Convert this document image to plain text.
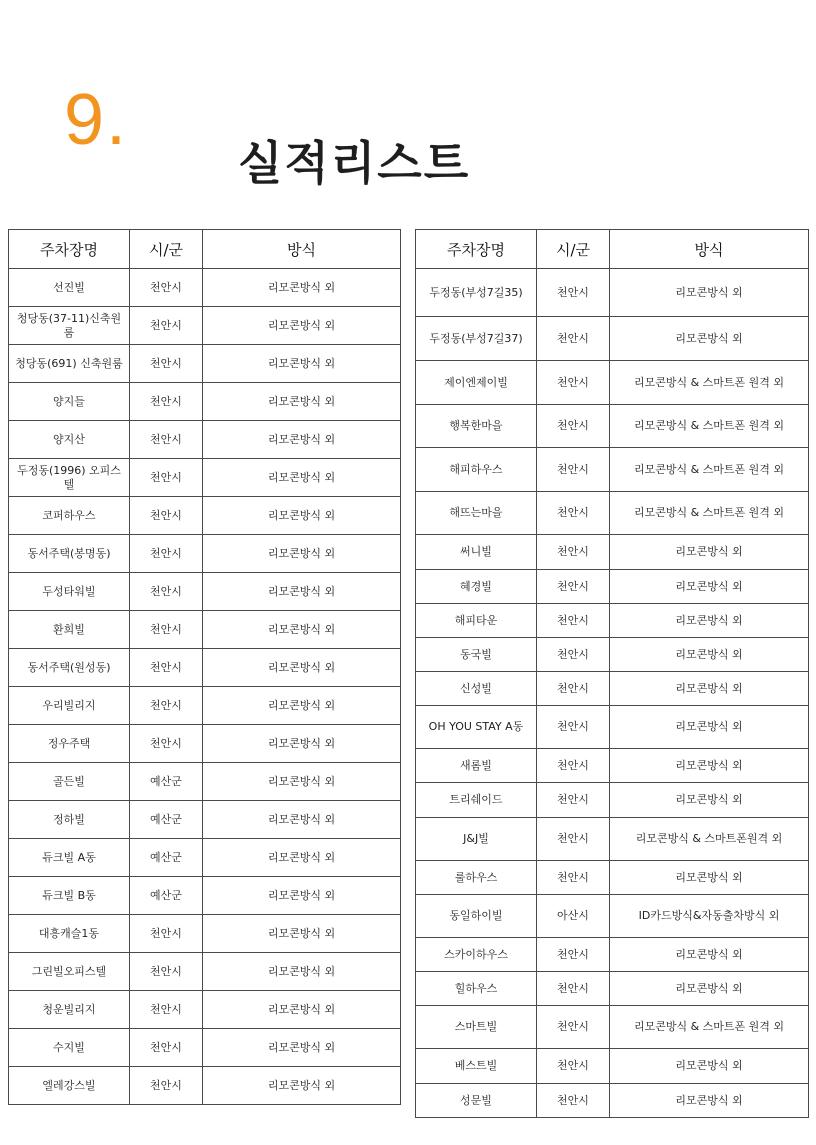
9.
실적리스트
주차장명	시/군	방식
선진빌	천안시	리모콘방식 외
청당동(37-11)신축원룸	천안시	리모콘방식 외
청당동(691) 신축원룸	천안시	리모콘방식 외
양지들	천안시	리모콘방식 외
양지산	천안시	리모콘방식 외
두정동(1996) 오피스텔	천안시	리모콘방식 외
코퍼하우스	천안시	리모콘방식 외
동서주택(봉명동)	천안시	리모콘방식 외
두성타워빌	천안시	리모콘방식 외
환희빌	천안시	리모콘방식 외
동서주택(원성동)	천안시	리모콘방식 외
우리빌리지	천안시	리모콘방식 외
정우주택	천안시	리모콘방식 외
골든빌	예산군	리모콘방식 외
정하빌	예산군	리모콘방식 외
듀크빌 A동	예산군	리모콘방식 외
듀크빌 B동	예산군	리모콘방식 외
대흥캐슬1동	천안시	리모콘방식 외
그린빌오피스텔	천안시	리모콘방식 외
청운빌리지	천안시	리모콘방식 외
수지빌	천안시	리모콘방식 외
엘레강스빌	천안시	리모콘방식 외
주차장명	시/군	방식
두정동(부성7길35)	천안시	리모콘방식 외
두정동(부성7길37)	천안시	리모콘방식 외
제이엔제이빌	천안시	리모콘방식 & 스마트폰 원격 외
행복한마을	천안시	리모콘방식 & 스마트폰 원격 외
해피하우스	천안시	리모콘방식 & 스마트폰 원격 외
해뜨는마을	천안시	리모콘방식 & 스마트폰 원격 외
써니빌	천안시	리모콘방식 외
혜경빌	천안시	리모콘방식 외
해피타운	천안시	리모콘방식 외
동국빌	천안시	리모콘방식 외
신성빌	천안시	리모콘방식 외
OH YOU STAY A동	천안시	리모콘방식 외
새롬빌	천안시	리모콘방식 외
트리쉐이드	천안시	리모콘방식 외
J&J빌	천안시	리모콘방식 & 스마트폰원격 외
룰하우스	천안시	리모콘방식 외
동일하이빌	아산시	ID카드방식&자동출차방식 외
스카이하우스	천안시	리모콘방식 외
힐하우스	천안시	리모콘방식 외
스마트빌	천안시	리모콘방식 & 스마트폰 원격 외
베스트빌	천안시	리모콘방식 외
성문빌	천안시	리모콘방식 외
